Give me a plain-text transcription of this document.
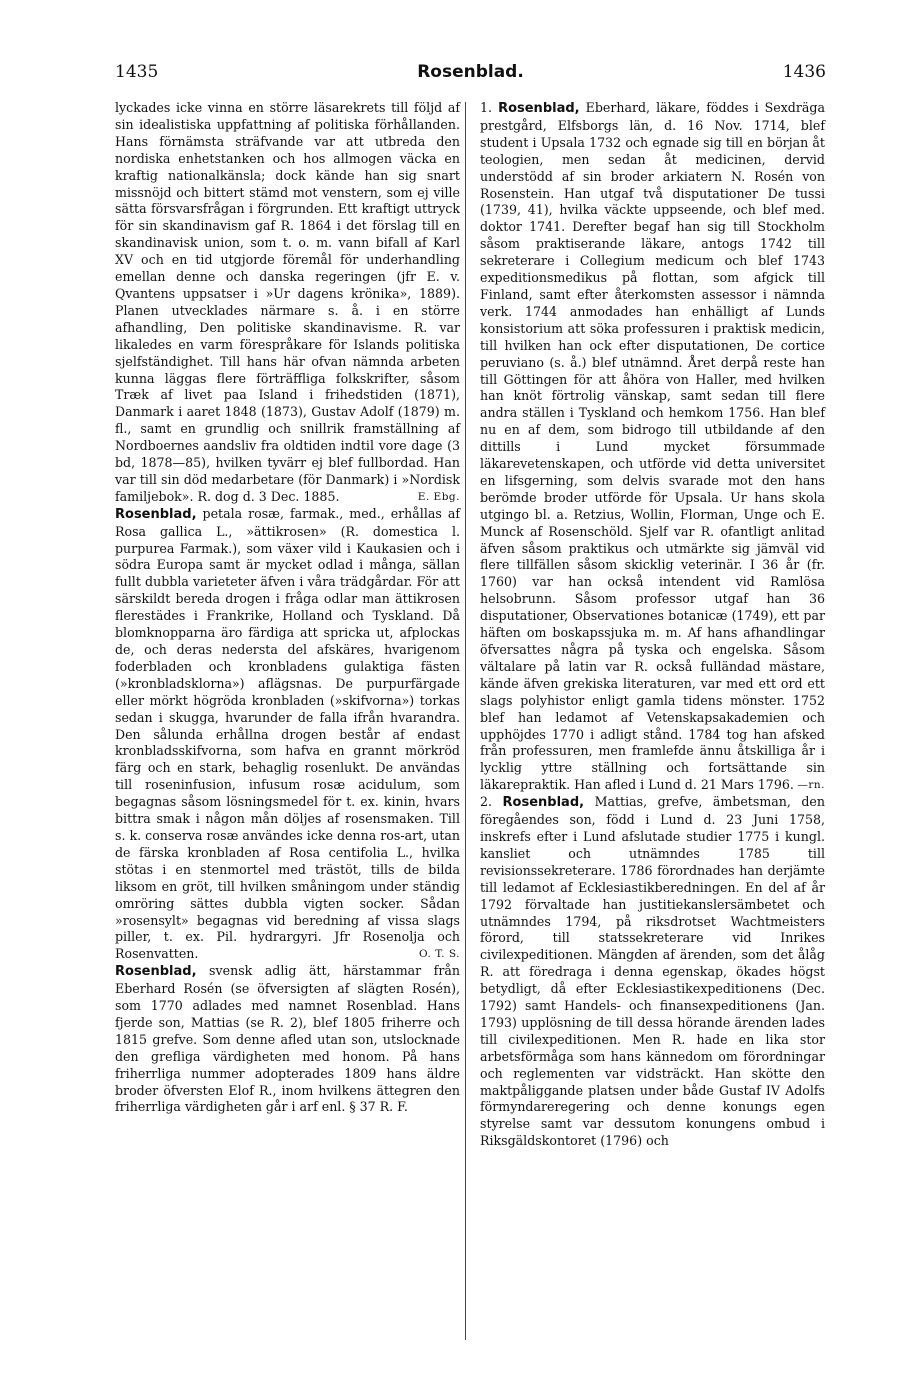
1435	Rosenblad.	1436

lyckades icke vinna en större läsarekrets till följd af sin idealistiska uppfattning af politiska förhållanden. Hans förnämsta sträfvande var att utbreda den nordiska enhetstanken och hos allmogen väcka en kraftig nationalkänsla; dock kände han sig snart missnöjd och bittert stämd mot venstern, som ej ville sätta försvarsfrågan i förgrunden. Ett kraftigt uttryck för sin skandinavism gaf R. 1864 i det förslag till en skandinavisk union, som t. o. m. vann bifall af Karl XV och en tid utgjorde föremål för underhandling emellan denne och danska regeringen (jfr E. v. Qvantens uppsatser i »Ur dagens krönika», 1889). Planen utvecklades närmare s. å. i en större afhandling, Den politiske skandinavisme. R. var likaledes en varm förespråkare för Islands politiska sjelfständighet. Till hans här ofvan nämnda arbeten kunna läggas flere förträffliga folkskrifter, såsom Træk af livet paa Island i frihedstiden (1871), Danmark i aaret 1848 (1873), Gustav Adolf (1879) m. fl., samt en grundlig och snillrik framställning af Nordboernes aandsliv fra oldtiden indtil vore dage (3 bd, 1878—85), hvilken tyvärr ej blef fullbordad. Han var till sin död medarbetare (för Danmark) i »Nordisk familjebok». R. dog d. 3 Dec. 1885.	E. Ebg.

Rosenblad, petala rosæ, farmak., med., erhållas af Rosa gallica L., »ättikrosen» (R. domestica l. purpurea Farmak.), som växer vild i Kaukasien och i södra Europa samt är mycket odlad i många, sällan fullt dubbla varieteter äfven i våra trädgårdar. För att särskildt bereda drogen i fråga odlar man ättikrosen flerestädes i Frankrike, Holland och Tyskland. Då blomknopparna äro färdiga att spricka ut, afplockas de, och deras nedersta del afskäres, hvarigenom foderbladen och kronbladens gulaktiga fästen (»kronbladsklorna») aflägsnas. De purpurfärgade eller mörkt högröda kronbladen (»skifvorna») torkas sedan i skugga, hvarunder de falla ifrån hvarandra. Den sålunda erhållna drogen består af endast kronbladsskifvorna, som hafva en grannt mörkröd färg och en stark, behaglig rosenlukt. De användas till roseninfusion, infusum rosæ acidulum, som begagnas såsom lösningsmedel för t. ex. kinin, hvars bittra smak i någon mån döljes af rosensmaken. Till s. k. conserva rosæ användes icke denna ros-art, utan de färska kronbladen af Rosa centifolia L., hvilka stötas i en stenmortel med trästöt, tills de bilda liksom en gröt, till hvilken småningom under ständig omröring sättes dubbla vigten socker. Sådan »rosensylt» begagnas vid beredning af vissa slags piller, t. ex. Pil. hydrargyri. Jfr Rosenolja och Rosenvatten.	O. T. S.

Rosenblad, svensk adlig ätt, härstammar från Eberhard Rosén (se öfversigten af slägten Rosén), som 1770 adlades med namnet Rosenblad. Hans fjerde son, Mattias (se R. 2), blef 1805 friherre och 1815 grefve. Som denne afled utan son, utslocknade den grefliga värdigheten med honom. På hans friherrliga nummer adopterades 1809 hans äldre broder öfversten Elof R., inom hvilkens ättegren den friherrliga värdigheten går i arf enl. § 37 R. F.

1. Rosenblad, Eberhard, läkare, föddes i Sexdräga prestgård, Elfsborgs län, d. 16 Nov. 1714, blef student i Upsala 1732 och egnade sig till en början åt teologien, men sedan åt medicinen, dervid understödd af sin broder arkiatern N. Rosén von Rosenstein. Han utgaf två disputationer De tussi (1739, 41), hvilka väckte uppseende, och blef med. doktor 1741. Derefter begaf han sig till Stockholm såsom praktiserande läkare, antogs 1742 till sekreterare i Collegium medicum och blef 1743 expeditionsmedikus på flottan, som afgick till Finland, samt efter återkomsten assessor i nämnda verk. 1744 anmodades han enhälligt af Lunds konsistorium att söka professuren i praktisk medicin, till hvilken han ock efter disputationen, De cortice peruviano (s. å.) blef utnämnd. Året derpå reste han till Göttingen för att åhöra von Haller, med hvilken han knöt förtrolig vänskap, samt sedan till flere andra ställen i Tyskland och hemkom 1756. Han blef nu en af dem, som bidrogo till utbildande af den dittills i Lund mycket försummade läkarevetenskapen, och utförde vid detta universitet en lifsgerning, som delvis svarade mot den hans berömde broder utförde för Upsala. Ur hans skola utgingo bl. a. Retzius, Wollin, Florman, Unge och E. Munck af Rosenschöld. Sjelf var R. ofantligt anlitad äfven såsom praktikus och utmärkte sig jämväl vid flere tillfällen såsom skicklig veterinär. I 36 år (fr. 1760) var han också intendent vid Ramlösa helsobrunn. Såsom professor utgaf han 36 disputationer, Observationes botanicæ (1749), ett par häften om boskapssjuka m. m. Af hans afhandlingar öfversattes några på tyska och engelska. Såsom vältalare på latin var R. också fulländad mästare, kände äfven grekiska literaturen, var med ett ord ett slags polyhistor enligt gamla tidens mönster. 1752 blef han ledamot af Vetenskapsakademien och upphöjdes 1770 i adligt stånd. 1784 tog han afsked från professuren, men framlefde ännu åtskilliga år i lycklig yttre ställning och fortsättande sin läkarepraktik. Han afled i Lund d. 21 Mars 1796. —rn.

2. Rosenblad, Mattias, grefve, ämbetsman, den föregåendes son, född i Lund d. 23 Juni 1758, inskrefs efter i Lund afslutade studier 1775 i kungl. kansliet och utnämndes 1785 till revisionssekreterare. 1786 förordnades han derjämte till ledamot af Ecklesiastikberedningen. En del af år 1792 förvaltade han justitiekanslersämbetet och utnämndes 1794, på riksdrotset Wachtmeisters förord, till statssekreterare vid Inrikes civilexpeditionen. Mängden af ärenden, som det ålåg R. att föredraga i denna egenskap, ökades högst betydligt, då efter Ecklesiastikexpeditionens (Dec. 1792) samt Handels- och finansexpeditionens (Jan. 1793) upplösning de till dessa hörande ärenden lades till civilexpeditionen. Men R. hade en lika stor arbetsförmåga som hans kännedom om förordningar och reglementen var vidsträckt. Han skötte den maktpåliggande platsen under både Gustaf IV Adolfs förmyndareregering och denne konungs egen styrelse samt var dessutom konungens ombud i Riksgäldskontoret (1796) och
